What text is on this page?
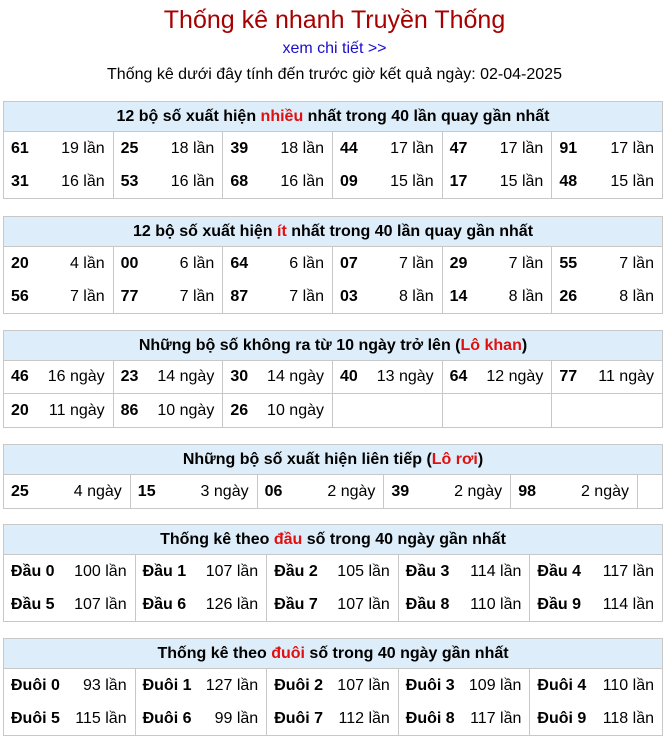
Thống kê nhanh Truyền Thống
xem chi tiết >>
Thống kê dưới đây tính đến trước giờ kết quả ngày: 02-04-2025
12 bộ số xuất hiện nhiều nhất trong 40 lần quay gần nhất
61 19 lần 25 18 lần 39 18 lần 44 17 lần 47 17 lần 91 17 lần
31 16 lần 53 16 lần 68 16 lần 09 15 lần 17 15 lần 48 15 lần
12 bộ số xuất hiện ít nhất trong 40 lần quay gần nhất
20	4 lần 00	6 lần 64	6 lần 07	7 lần 29	7 lần 55	7 lần
56	7 lần 77	7 lần 87	7 lần 03	8 lần 14	8 lần 26	8 lần
Những bộ số không ra từ 10 ngày trở lên (Lô khan)
46 16 ngày 23 14 ngày 30 14 ngày 40 13 ngày 64 12 ngày 77 11 ngày
20 11 ngày 86 10 ngày 26 10 ngày
Những bộ số xuất hiện liên tiếp (Lô rơi)
25	4 ngày 15	3 ngày 06	2 ngày 39	2 ngày 98	2 ngày
Thống kê theo đầu số trong 40 ngày gần nhất
Đầu 0 100 lần Đầu 1 107 lần Đầu 2 105 lần Đầu 3 114 lần Đầu 4 117 lần
Đầu 5 107 lần Đầu 6 126 lần Đầu 7 107 lần Đầu 8 110 lần Đầu 9 114 lần
Thống kê theo đuôi số trong 40 ngày gần nhất
Đuôi 0 93 lần Đuôi 1 127 lần Đuôi 2 107 lần Đuôi 3 109 lần Đuôi 4 110 lần
Đuôi 5 115 lần Đuôi 6 99 lần Đuôi 7 112 lần Đuôi 8 117 lần Đuôi 9 118 lần
